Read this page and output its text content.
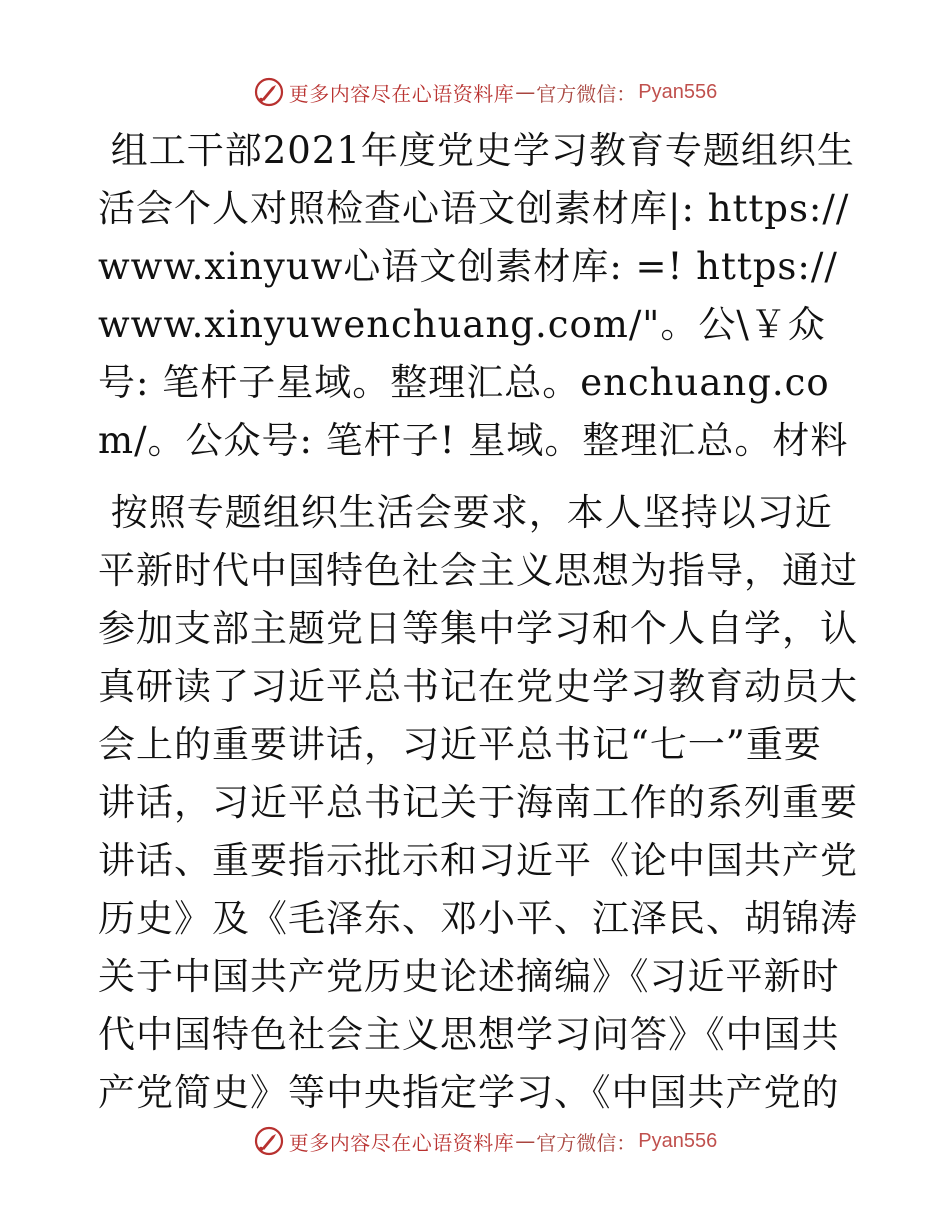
更多内容尽在心语资料库 — 官方微信： Pyan556

组工干部2021年度党史学习教育专题组织生活会个人对照检查心语文创素材库|: https:// www.xinyuw心语文创素材库: =! https:// www.xinyuwenchuang.com/"。公\￥众号: 笔杆子星域。整理汇总。enchuang.com/。公众号: 笔杆子! 星域。整理汇总。材料

按照专题组织生活会要求，本人坚持以习近平新时代中国特色社会主义思想为指导，通过参加支部主题党日等集中学习和个人自学，认真研读了习近平总书记在党史学习教育动员大会上的重要讲话，习近平总书记“七一”重要讲话，习近平总书记关于海南工作的系列重要讲话、重要指示批示和习近平《论中国共产党历史》及《毛泽东、邓小平、江泽民、胡锦涛关于中国共产党历史论述摘编》《习近平新时代中国特色社会主义思想学习问答》《中国共产党简史》等中央指定学习、《中国共产党的

更多内容尽在心语资料库 — 官方微信： Pyan556
